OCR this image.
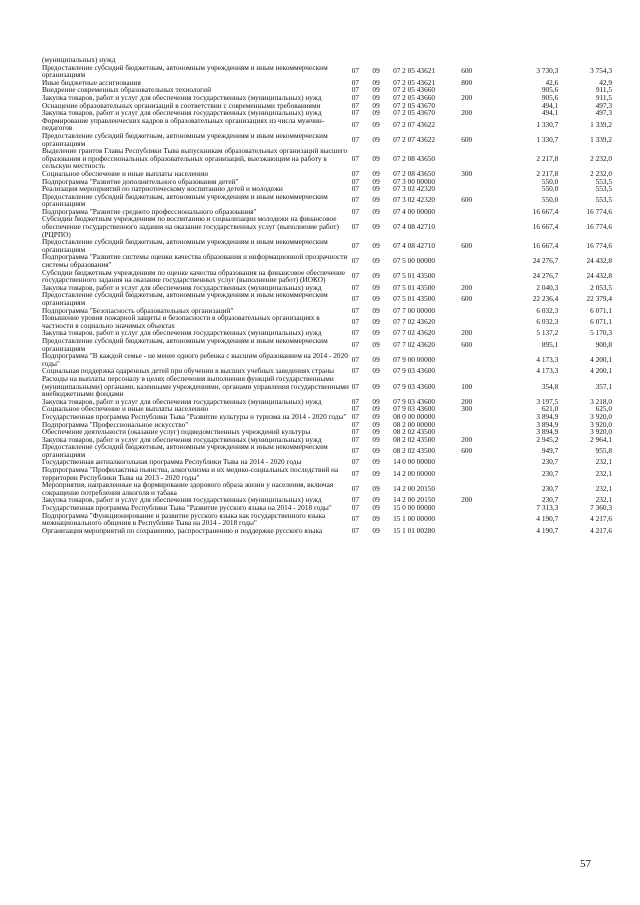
(муниципальных) нужд						
Предоставление субсидий бюджетным, автономным учреждениям и иным некоммерческим организациям	07	09	07 2 05 43621	600	3 730,3	3 754,3
Иные бюджетные ассигнования	07	09	07 2 05 43621	800	42,6	42,9
Внедрение современных образовательных технологий	07	09	07 2 05 43660		905,6	911,5
Закупка товаров, работ и услуг для обеспечения государственных (муниципальных) нужд	07	09	07 2 05 43660	200	905,6	911,5
Оснащение образовательных организаций в соответствии с современными требованиями	07	09	07 2 05 43670		494,1	497,3
Закупка товаров, работ и услуг для обеспечения государственных (муниципальных) нужд	07	09	07 2 05 43670	200	494,1	497,3
Формирование управленческих кадров в образовательных организациях из числа мужчин-педагогов	07	09	07 2 07 43622		1 330,7	1 339,2
Предоставление субсидий бюджетным, автономным учреждениям и иным некоммерческим организациям	07	09	07 2 07 43622	600	1 330,7	1 339,2
Выделение грантов Главы Республики Тыва выпускникам образовательных организаций высшего образования и профессиональных образовательных организаций, выезжающим на работу в сельскую местность	07	09	07 2 08 43650		2 217,8	2 232,0
Социальное обеспечение и иные выплаты населению	07	09	07 2 08 43650	300	2 217,8	2 232,0
Подпрограмма "Развитие дополнительного образования детей"	07	09	07 3 00 00000		550,0	553,5
Реализация мероприятий по патриотическому воспитанию детей и молодежи	07	09	07 3 02 42320		550,0	553,5
Предоставление субсидий бюджетным, автономным учреждениям и иным некоммерческим организациям	07	09	07 3 02 42320	600	550,0	553,5
Подпрограмма "Развитие среднего профессионального образования"	07	09	07 4 00 00000		16 667,4	16 774,6
Субсидии бюджетным учреждениям по воспитанию и социализации молодежи на финансовое обеспечение государственного задания на оказание государственных услуг (выполнение работ) (РЦРПО)	07	09	07 4 08 42710		16 667,4	16 774,6
Предоставление субсидий бюджетным, автономным учреждениям и иным некоммерческим организациям	07	09	07 4 08 42710	600	16 667,4	16 774,6
Подпрограмма "Развитие системы оценки качества образования и информационной прозрачности системы образования"	07	09	07 5 00 00000		24 276,7	24 432,8
Субсидии бюджетным учреждениям по оценке качества образования на финансовое обеспечение государственного задания на оказание государственных услуг (выполнение работ) (ИОКО)	07	09	07 5 01 43500		24 276,7	24 432,8
Закупка товаров, работ и услуг для обеспечения государственных (муниципальных) нужд	07	09	07 5 01 43500	200	2 040,3	2 053,5
Предоставление субсидий бюджетным, автономным учреждениям и иным некоммерческим организациям	07	09	07 5 01 43500	600	22 236,4	22 379,4
Подпрограмма "Безопасность образовательных организаций"	07	09	07 7 00 00000		6 032,3	6 071,1
Повышение уровня пожарной защиты и безопасности в образовательных организациях в частности в социально значимых объектах	07	09	07 7 02 43620		6 032,3	6 071,1
Закупка товаров, работ и услуг для обеспечения государственных (муниципальных) нужд	07	09	07 7 02 43620	200	5 137,2	5 170,3
Предоставление субсидий бюджетным, автономным учреждениям и иным некоммерческим организациям	07	09	07 7 02 43620	600	895,1	900,8
Подпрограмма "В каждой семье - не менее одного ребенка с высшим образованием на 2014 - 2020 годы"	07	09	07 9 00 00000		4 173,3	4 200,1
Социальная поддержка одаренных детей при обучении в высших учебных заведениях страны	07	09	07 9 03 43600		4 173,3	4 200,1
Расходы на выплаты персоналу в целях обеспечения выполнения функций государственными (муниципальными) органами, казенными учреждениями, органами управления государственными внебюджетными фондами	07	09	07 9 03 43600	100	354,8	357,1
Закупка товаров, работ и услуг для обеспечения государственных (муниципальных) нужд	07	09	07 9 03 43600	200	3 197,5	3 218,0
Социальное обеспечение и иные выплаты населению	07	09	07 9 03 43600	300	621,0	625,0
Государственная программа Республики Тыва "Развитие культуры и туризма на 2014 - 2020 годы"	07	09	08 0 00 00000		3 894,9	3 920,0
Подпрограмма "Профессиональное искусство"	07	09	08 2 00 00000		3 894,9	3 920,0
Обеспечение деятельности (оказание услуг) подведомственных учреждений культуры	07	09	08 2 02 43500		3 894,9	3 920,0
Закупка товаров, работ и услуг для обеспечения государственных (муниципальных) нужд	07	09	08 2 02 43500	200	2 945,2	2 964,1
Предоставление субсидий бюджетным, автономным учреждениям и иным некоммерческим организациям	07	09	08 2 02 43500	600	949,7	955,8
Государственная антиалкогольная программа Республики Тыва на 2014 - 2020 годы	07	09	14 0 00 00000		230,7	232,1
Подпрограмма "Профилактика пьянства, алкоголизма и их медико-социальных последствий на территории Республики Тыва на 2013 - 2020 годы"	07	09	14 2 00 00000		230,7	232,1
Мероприятия, направленные на формирование здорового образа жизни у населения, включая сокращение потребления алкоголя и табака	07	09	14 2 00 20150		230,7	232,1
Закупка товаров, работ и услуг для обеспечения государственных (муниципальных) нужд	07	09	14 2 00 20150	200	230,7	232,1
Государственная программа Республики Тыва "Развитие русского языка на 2014 - 2018 годы"	07	09	15 0 00 00000		7 313,3	7 360,3
Подпрограмма "Функционирование и развитие русского языка как государственного языка межнационального общения в Республике Тыва на 2014 - 2018 годы"	07	09	15 1 00 00000		4 190,7	4 217,6
Организация мероприятий по сохранению, распространению и поддержке русского языка	07	09	15 1 01 00280		4 190,7	4 217,6
57
